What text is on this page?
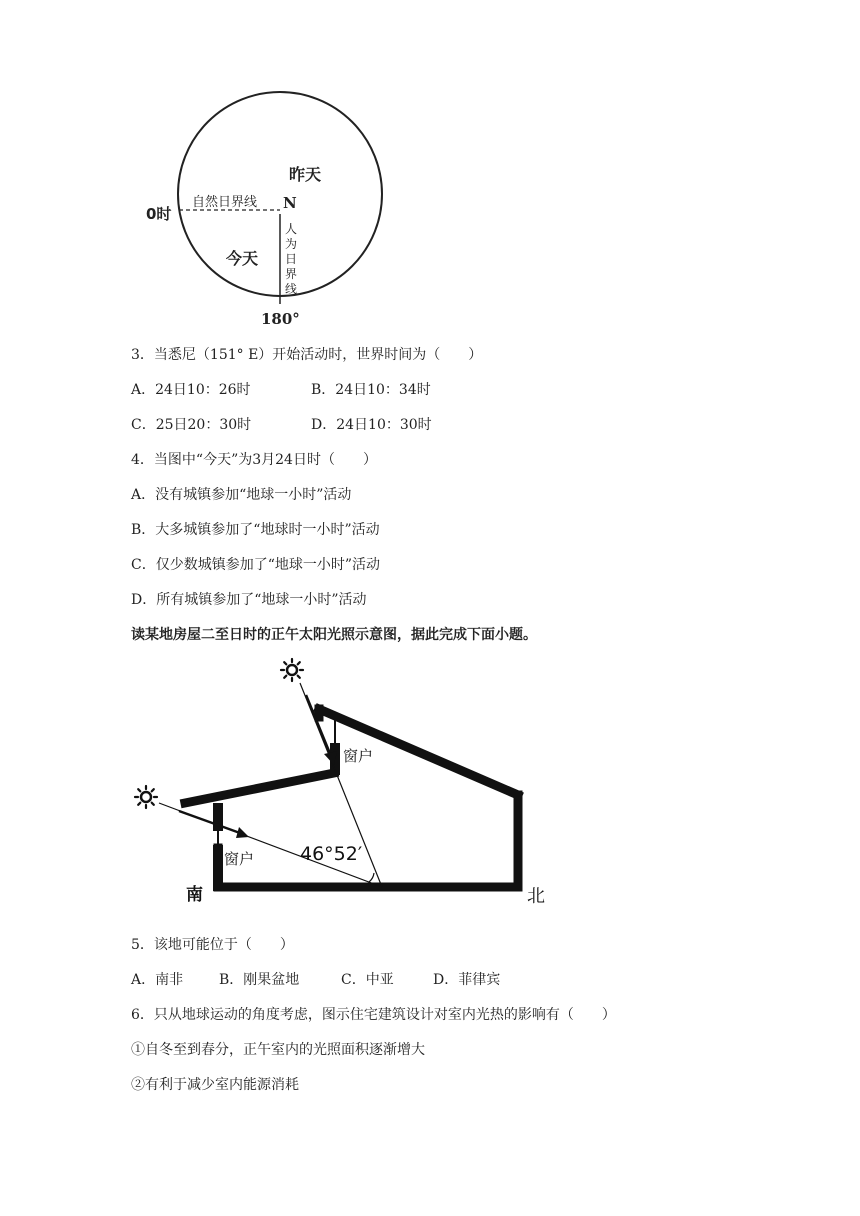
昨天
自然日界线 N
今天
人
为
日
界
线
0时
180°
3．当悉尼（151° E）开始活动时，世界时间为（　　）
A．24日10：26时	B．24日10：34时
C．25日20：30时	D．24日10：30时
4．当图中“今天”为3月24日时（　　）
A．没有城镇参加“地球一小时”活动
B．大多城镇参加了“地球时一小时”活动
C．仅少数城镇参加了“地球一小时”活动
D．所有城镇参加了“地球一小时”活动
读某地房屋二至日时的正午太阳光照示意图，据此完成下面小题。
窗户
窗户 46°52′
南	北
5．该地可能位于（　　）
A．南非	B．刚果盆地	C．中亚	D．菲律宾
6．只从地球运动的角度考虑，图示住宅建筑设计对室内光热的影响有（　　）
①自冬至到春分，正午室内的光照面积逐渐增大
②有利于减少室内能源消耗
